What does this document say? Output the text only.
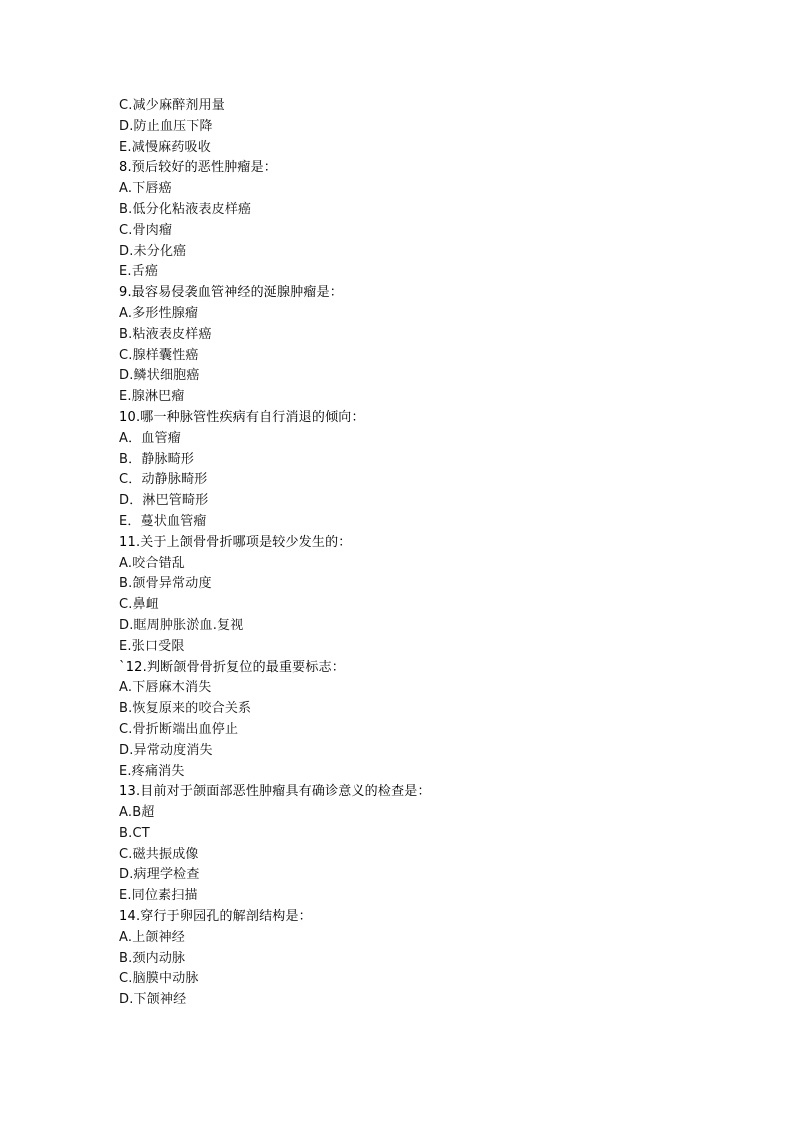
C.减少麻醉剂用量
D.防止血压下降
E.减慢麻药吸收
8.预后较好的恶性肿瘤是：
A.下唇癌
B.低分化粘液表皮样癌
C.骨肉瘤
D.未分化癌
E.舌癌
9.最容易侵袭血管神经的涎腺肿瘤是：
A.多形性腺瘤
B.粘液表皮样癌
C.腺样囊性癌
D.鳞状细胞癌
E.腺淋巴瘤
10.哪一种脉管性疾病有自行消退的倾向：
A．血管瘤
B．静脉畸形
C．动静脉畸形
D．淋巴管畸形
E．蔓状血管瘤
11.关于上颌骨骨折哪项是较少发生的：
A.咬合错乱
B.颌骨异常动度
C.鼻衄
D.眶周肿胀淤血.复视
E.张口受限
`12.判断颌骨骨折复位的最重要标志：
A.下唇麻木消失
B.恢复原来的咬合关系
C.骨折断端出血停止
D.异常动度消失
E.疼痛消失
13.目前对于颌面部恶性肿瘤具有确诊意义的检查是：
A.B超
B.CT
C.磁共振成像
D.病理学检查
E.同位素扫描
14.穿行于卵园孔的解剖结构是：
A.上颌神经
B.颈内动脉
C.脑膜中动脉
D.下颌神经
